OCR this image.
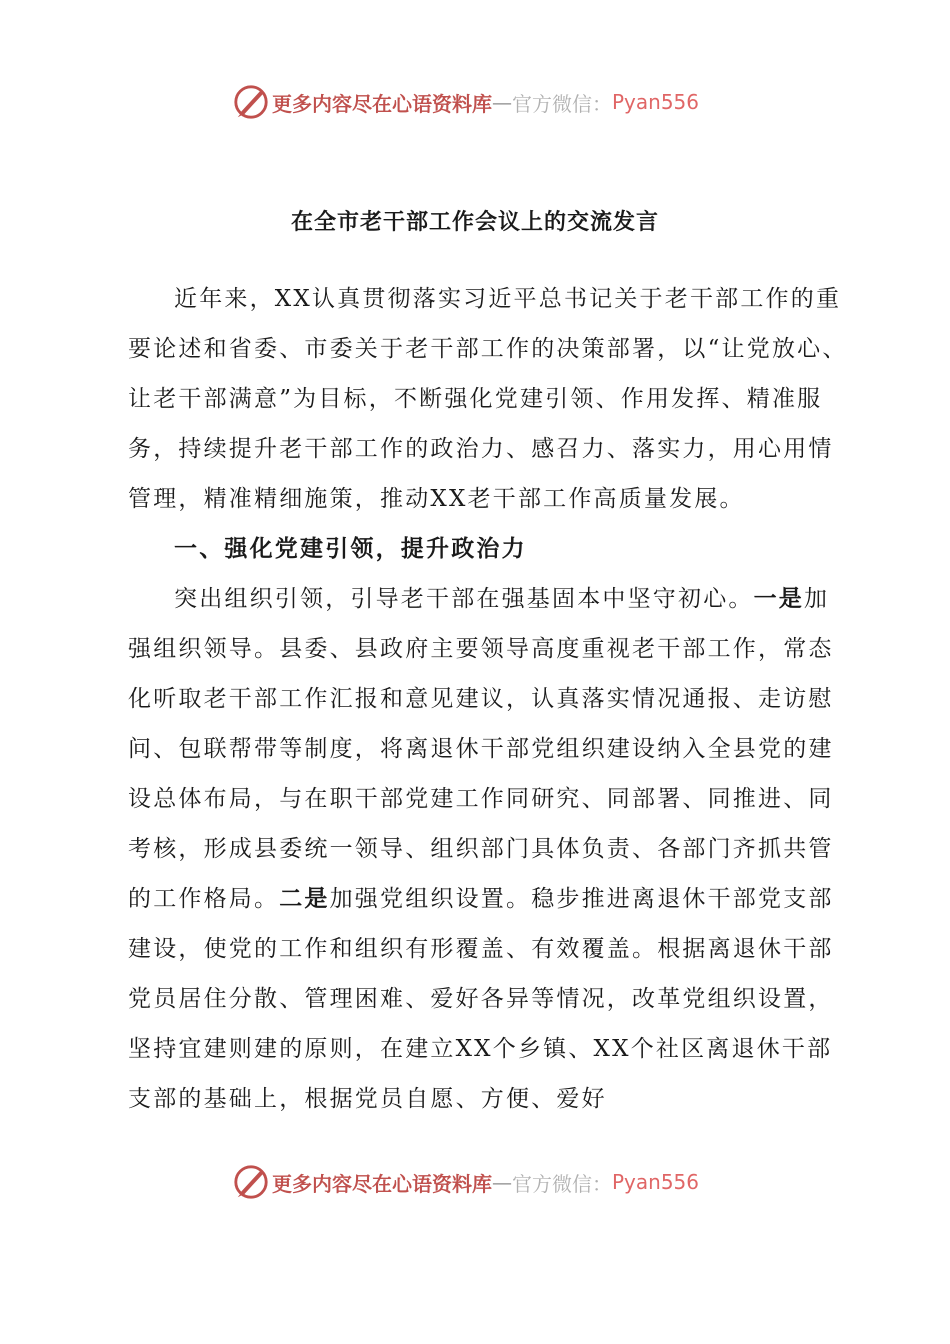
更多内容尽在心语资料库 — 官方微信： Pyan556
在全市老干部工作会议上的交流发言

近年来，XX认真贯彻落实习近平总书记关于老干部工作的重要论述和省委、市委关于老干部工作的决策部署，以“让党放心、让老干部满意”为目标，不断强化党建引领、作用发挥、精准服务，持续提升老干部工作的政治力、感召力、落实力，用心用情管理，精准精细施策，推动XX老干部工作高质量发展。

一、强化党建引领，提升政治力

突出组织引领，引导老干部在强基固本中坚守初心。一是加强组织领导。县委、县政府主要领导高度重视老干部工作，常态化听取老干部工作汇报和意见建议，认真落实情况通报、走访慰问、包联帮带等制度，将离退休干部党组织建设纳入全县党的建设总体布局，与在职干部党建工作同研究、同部署、同推进、同考核，形成县委统一领导、组织部门具体负责、各部门齐抓共管的工作格局。二是加强党组织设置。稳步推进离退休干部党支部建设，使党的工作和组织有形覆盖、有效覆盖。根据离退休干部党员居住分散、管理困难、爱好各异等情况，改革党组织设置，坚持宜建则建的原则，在建立XX个乡镇、XX个社区离退休干部支部的基础上，根据党员自愿、方便、爱好

更多内容尽在心语资料库 — 官方微信： Pyan556
